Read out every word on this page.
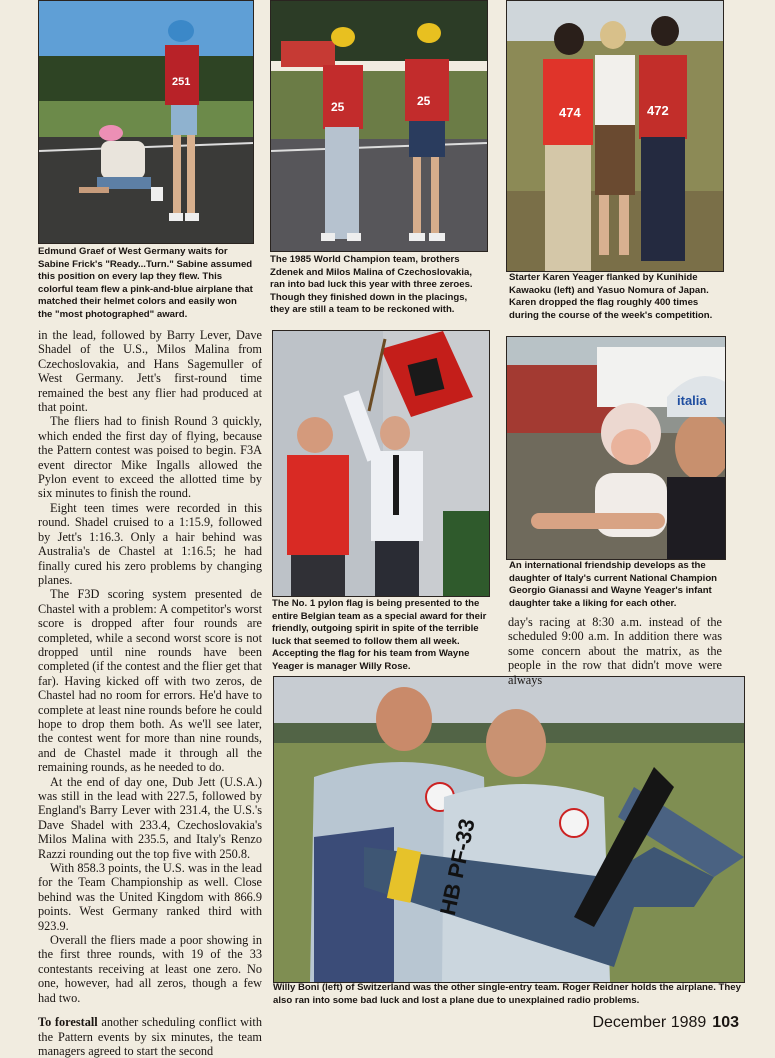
251

Edmund Graef of West Germany waits for Sabine Frick's "Ready...Turn." Sabine assumed this position on every lap they flew. This colorful team flew a pink-and-blue airplane that matched their helmet colors and easily won the "most photographed" award.

25	25

The 1985 World Champion team, brothers Zdenek and Milos Malina of Czechoslovakia, ran into bad luck this year with three zeroes. Though they finished down in the placings, they are still a team to be reckoned with.

474	472

Starter Karen Yeager flanked by Kunihide Kawaoku (left) and Yasuo Nomura of Japan. Karen dropped the flag roughly 400 times during the course of the week's competition.

The No. 1 pylon flag is being presented to the entire Belgian team as a special award for their friendly, outgoing spirit in spite of the terrible luck that seemed to follow them all week. Accepting the flag for his team from Wayne Yeager is manager Willy Rose.

italia

An international friendship develops as the daughter of Italy's current National Champion Georgio Gianassi and Wayne Yeager's infant daughter take a liking for each other.

HB PF-33

Willy Boni (left) of Switzerland was the other single-entry team. Roger Reidner holds the airplane. They also ran into some bad luck and lost a plane due to unexplained radio problems.

in the lead, followed by Barry Lever, Dave Shadel of the U.S., Milos Malina from Czechoslovakia, and Hans Sagemuller of West Germany. Jett's first-round time remained the best any flier had produced at that point.

The fliers had to finish Round 3 quickly, which ended the first day of flying, because the Pattern contest was poised to begin. F3A event director Mike Ingalls allowed the Pylon event to exceed the allotted time by six minutes to finish the round.

Eight teen times were recorded in this round. Shadel cruised to a 1:15.9, followed by Jett's 1:16.3. Only a hair behind was Australia's de Chastel at 1:16.5; he had finally cured his zero problems by changing planes.

The F3D scoring system presented de Chastel with a problem: A competitor's worst score is dropped after four rounds are completed, while a second worst score is not dropped until nine rounds have been completed (if the contest and the flier get that far). Having kicked off with two zeros, de Chastel had no room for errors. He'd have to complete at least nine rounds before he could hope to drop them both. As we'll see later, the contest went for more than nine rounds, and de Chastel made it through all the remaining rounds, as he needed to do.

At the end of day one, Dub Jett (U.S.A.) was still in the lead with 227.5, followed by England's Barry Lever with 231.4, the U.S.'s Dave Shadel with 233.4, Czechoslovakia's Milos Malina with 235.5, and Italy's Renzo Razzi rounding out the top five with 250.8.

With 858.3 points, the U.S. was in the lead for the Team Championship as well. Close behind was the United Kingdom with 866.9 points. West Germany ranked third with 923.9.

Overall the fliers made a poor showing in the first three rounds, with 19 of the 33 contestants receiving at least one zero. No one, however, had all zeros, though a few had two.

To forestall another scheduling conflict with the Pattern events by six minutes, the team managers agreed to start the second

day's racing at 8:30 a.m. instead of the scheduled 9:00 a.m. In addition there was some concern about the matrix, as the people in the row that didn't move were always

December 1989 103
